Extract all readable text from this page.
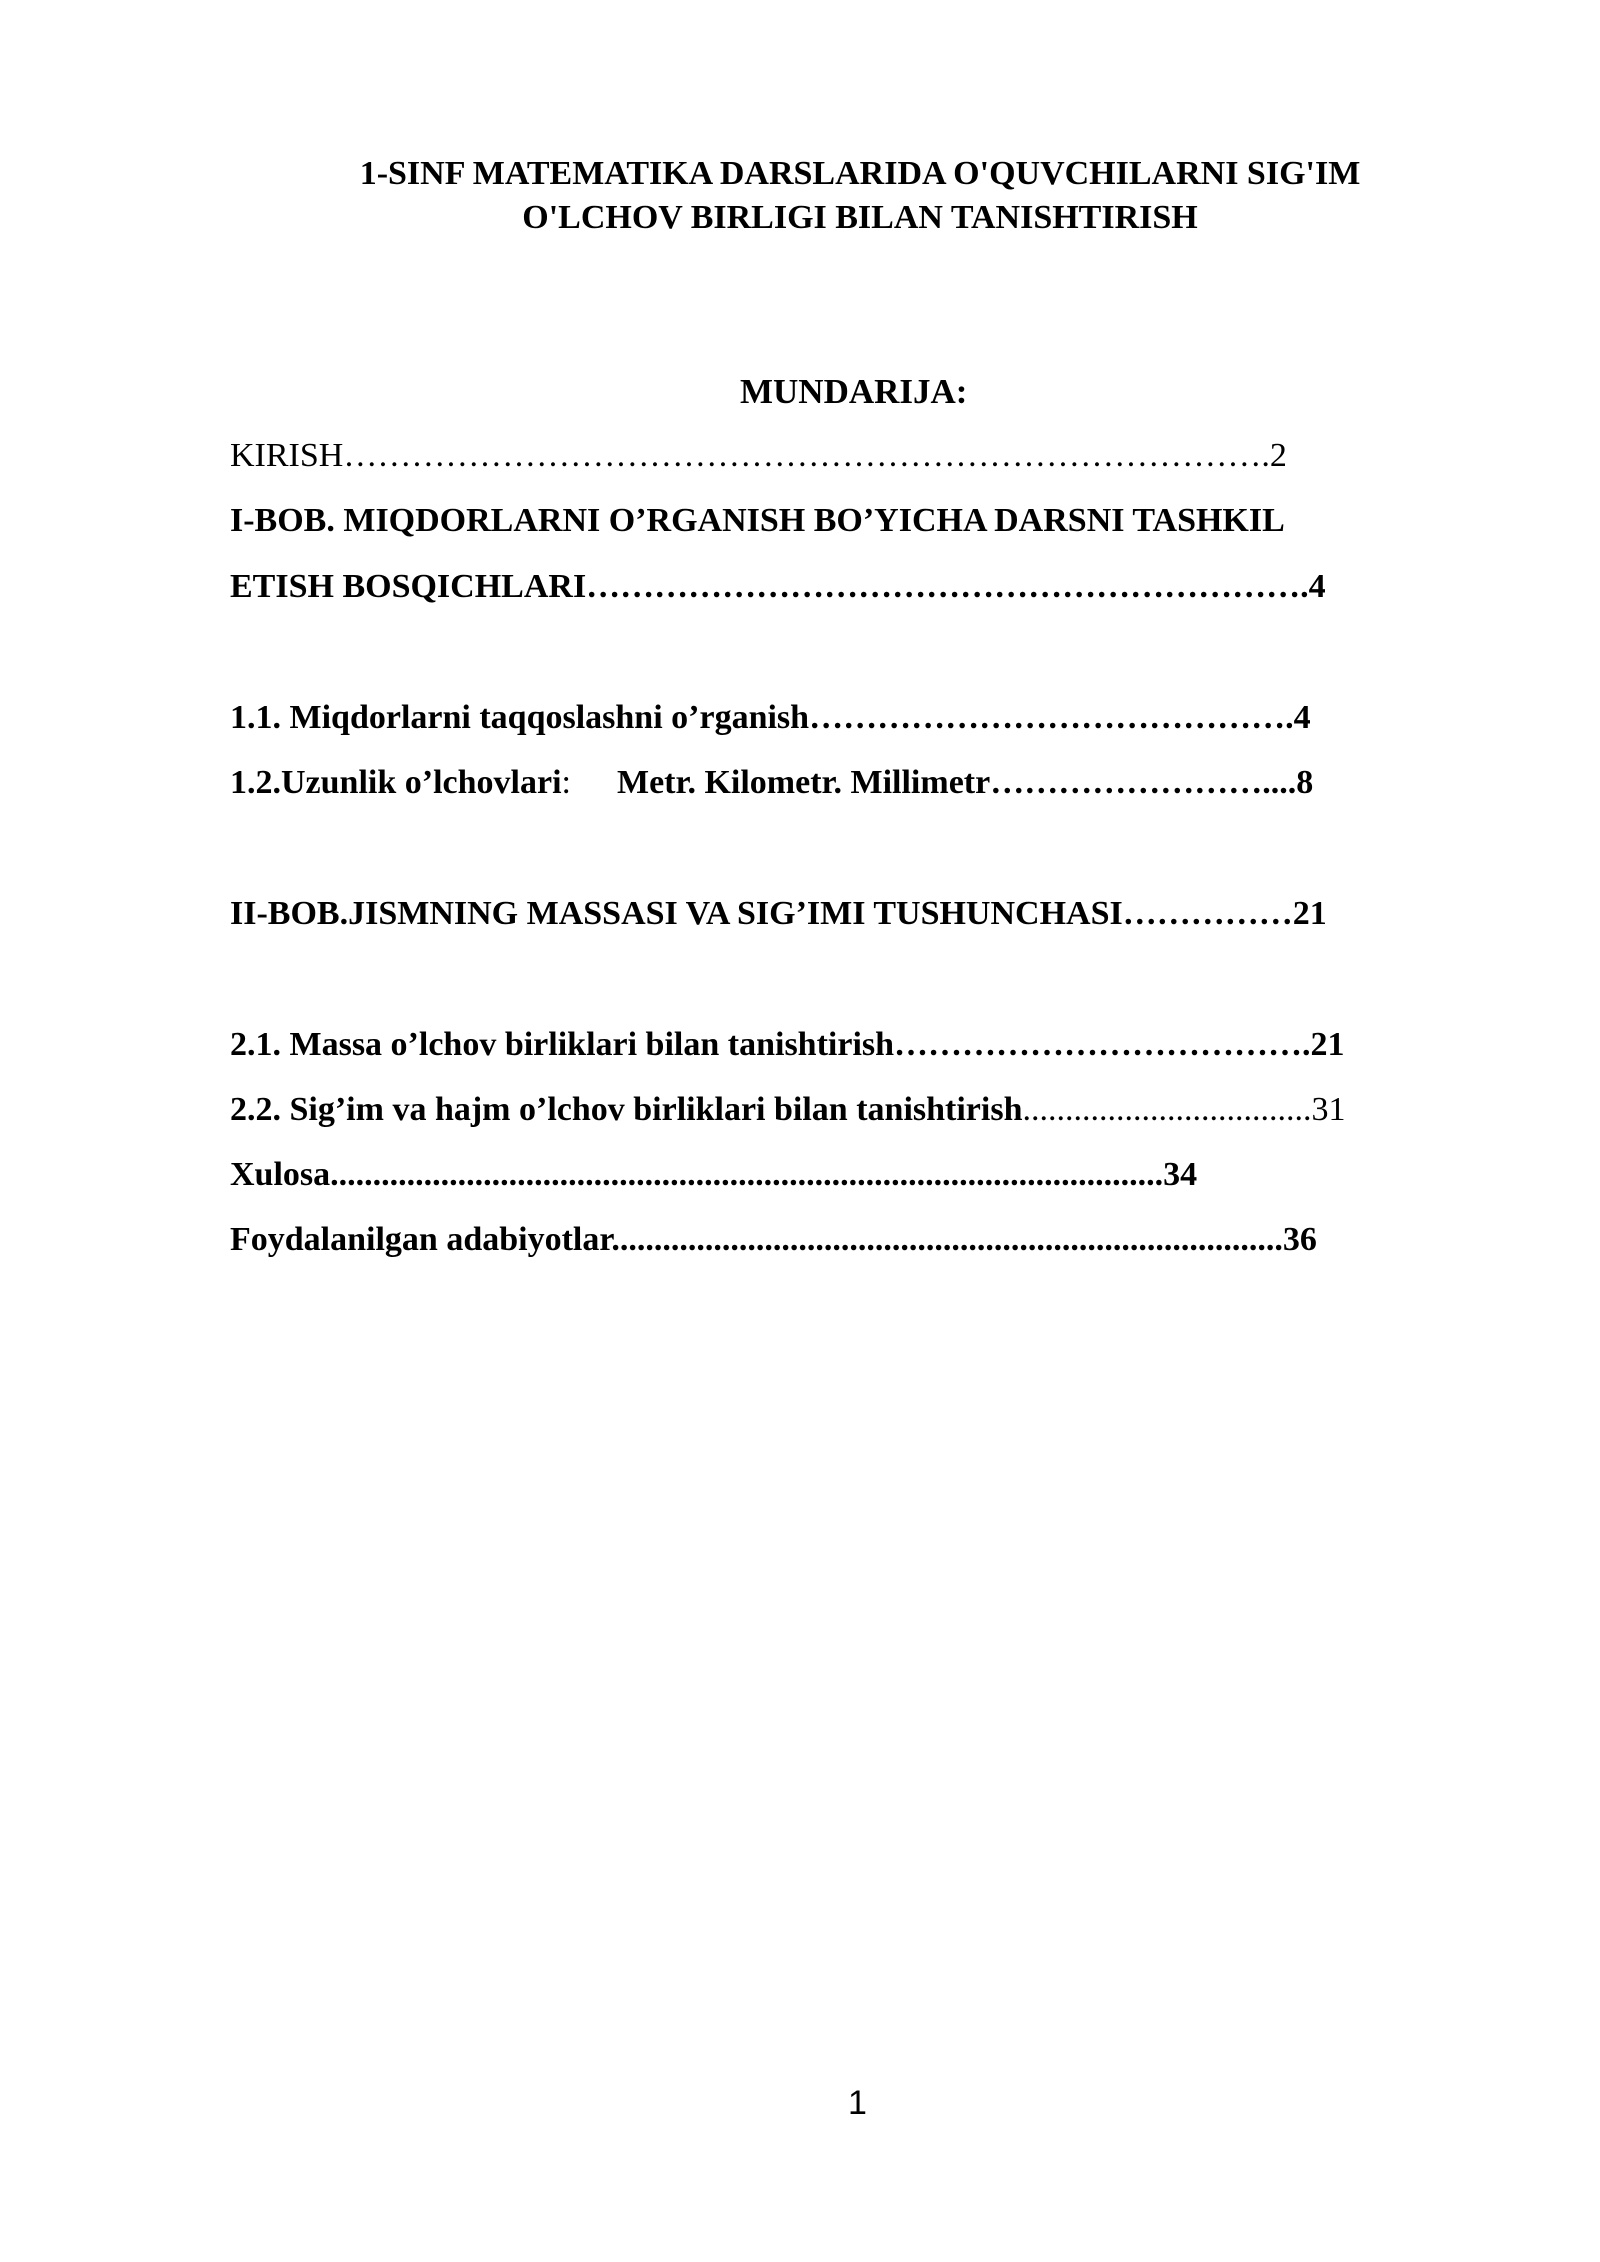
1-SINF MATEMATIKA DARSLARIDA O'QUVCHILARNI SIG'IM
O'LCHOV BIRLIGI BILAN TANISHTIRISH
MUNDARIJA:
KIRISH……………………………………………………………………….2
I-BOB. MIQDORLARNI O’RGANISH BO’YICHA DARSNI TASHKIL
ETISH BOSQICHLARI……………………………………………………….4
1.1. Miqdorlarni taqqoslashni o’rganish…………………………………….4
1.2.Uzunlik o’lchovlari: Metr. Kilometr. Millimetr……………………....8
II-BOB.JISMNING MASSASI VA SIG’IMI TUSHUNCHASI……………21
2.1. Massa o’lchov birliklari bilan tanishtirish……………………………….21
2.2. Sig’im va hajm o’lchov birliklari bilan tanishtirish..................................31
Xulosa..................................................................................................34
Foydalanilgan adabiyotlar...............................................................................36
1
